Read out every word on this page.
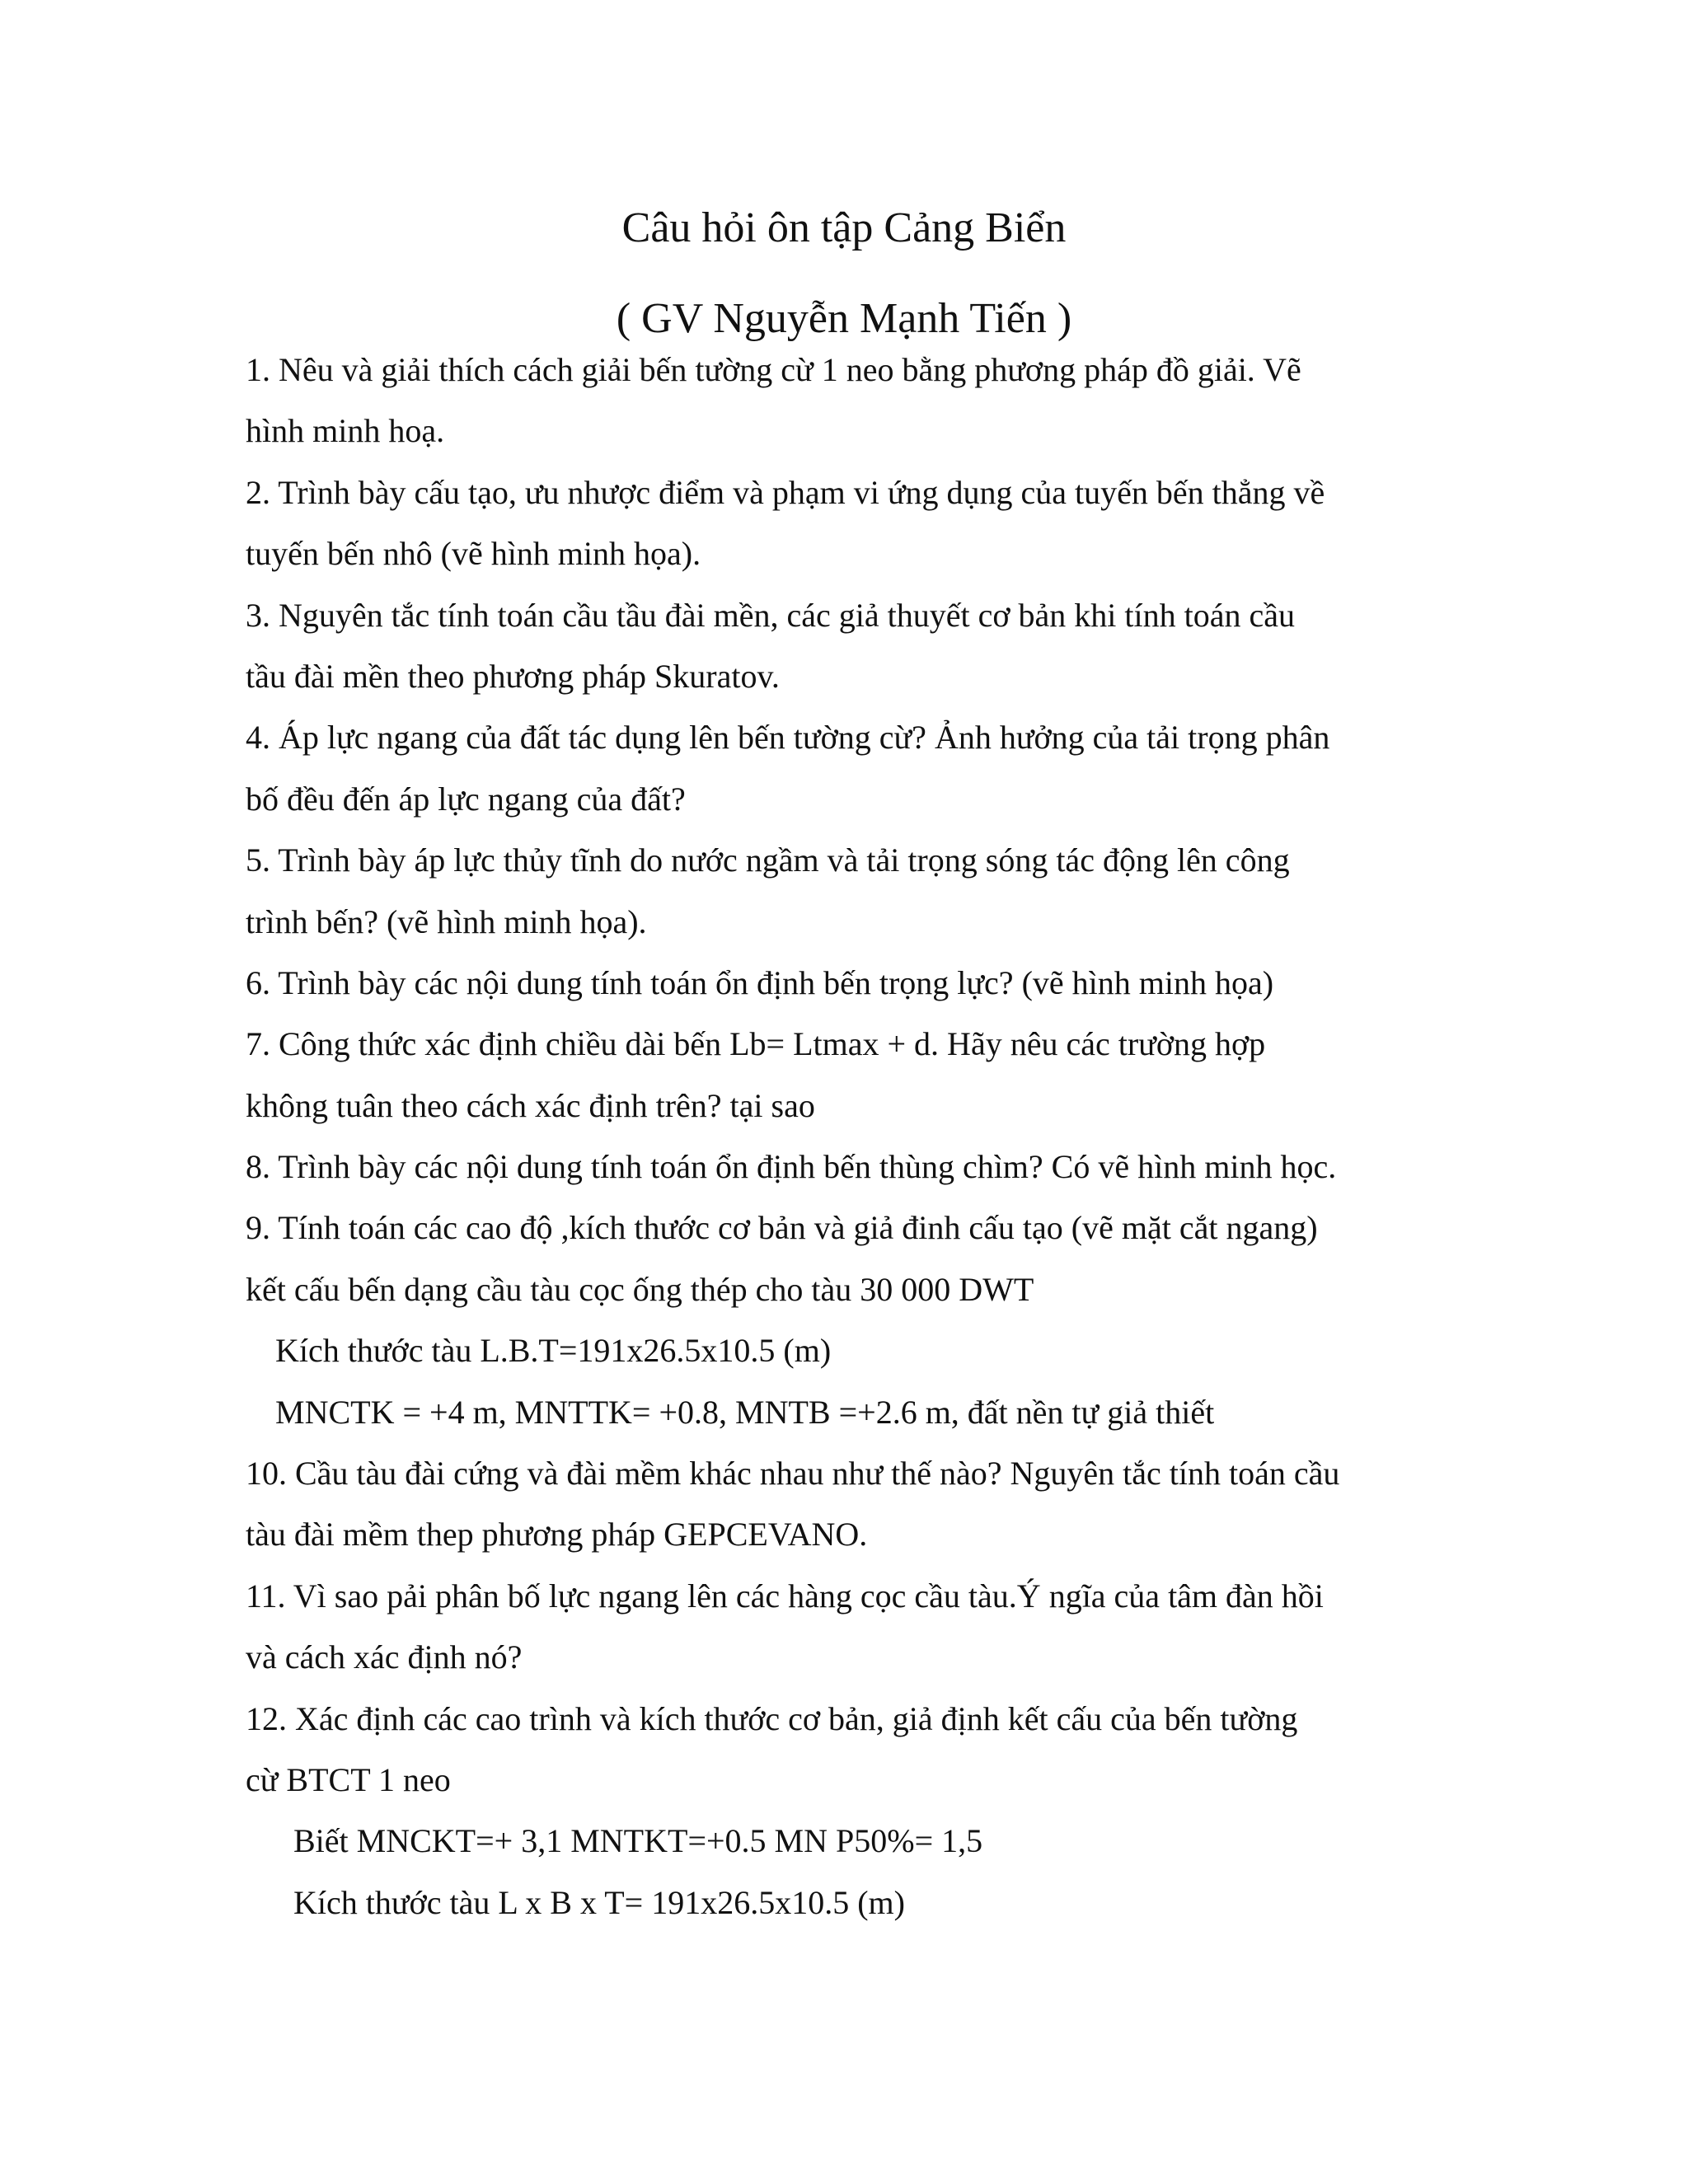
Câu hỏi ôn tập Cảng Biển
( GV Nguyễn Mạnh Tiến )
1. Nêu và giải thích cách giải bến tường cừ 1 neo bằng phương pháp đồ giải. Vẽ
hình minh hoạ.
2. Trình bày cấu tạo, ưu nhược điểm và phạm vi ứng dụng của tuyến bến thẳng về
tuyến bến nhô (vẽ hình minh họa).
3. Nguyên tắc tính toán cầu tầu đài mền, các giả thuyết cơ bản khi tính toán cầu
tầu đài mền theo phương pháp Skuratov.
4. Áp lực ngang của đất tác dụng lên bến tường cừ? Ảnh hưởng của tải trọng phân
bố đều đến áp lực ngang của đất?
5. Trình bày áp lực thủy tĩnh do nước ngầm và tải trọng sóng tác động lên công
trình bến? (vẽ hình minh họa).
6. Trình bày các nội dung tính toán ổn định bến trọng lực? (vẽ hình minh họa)
7. Công thức xác định chiều dài bến Lb= Ltmax + d. Hãy nêu các trường hợp
không tuân theo cách xác định trên? tại sao
8. Trình bày các nội dung tính toán ổn định bến thùng chìm? Có vẽ hình minh học.
9. Tính toán các cao độ ,kích thước cơ bản và giả đinh cấu tạo (vẽ mặt cắt ngang)
kết cấu bến dạng cầu tàu cọc ống thép cho tàu 30 000 DWT
Kích thước tàu L.B.T=191x26.5x10.5 (m)
MNCTK = +4 m, MNTTK= +0.8, MNTB =+2.6 m, đất nền tự giả thiết
10. Cầu tàu đài cứng và đài mềm khác nhau như thế nào? Nguyên tắc tính toán cầu
tàu đài mềm thep phương pháp GEPCEVANO.
11. Vì sao pải phân bố lực ngang lên các hàng cọc cầu tàu.Ý ngĩa của tâm đàn hồi
và cách xác định nó?
12. Xác định các cao trình và kích thước cơ bản, giả định kết cấu của bến tường
cừ BTCT 1 neo
Biết MNCKT=+ 3,1 MNTKT=+0.5 MN P50%= 1,5
Kích thước tàu L x B x T= 191x26.5x10.5 (m)
